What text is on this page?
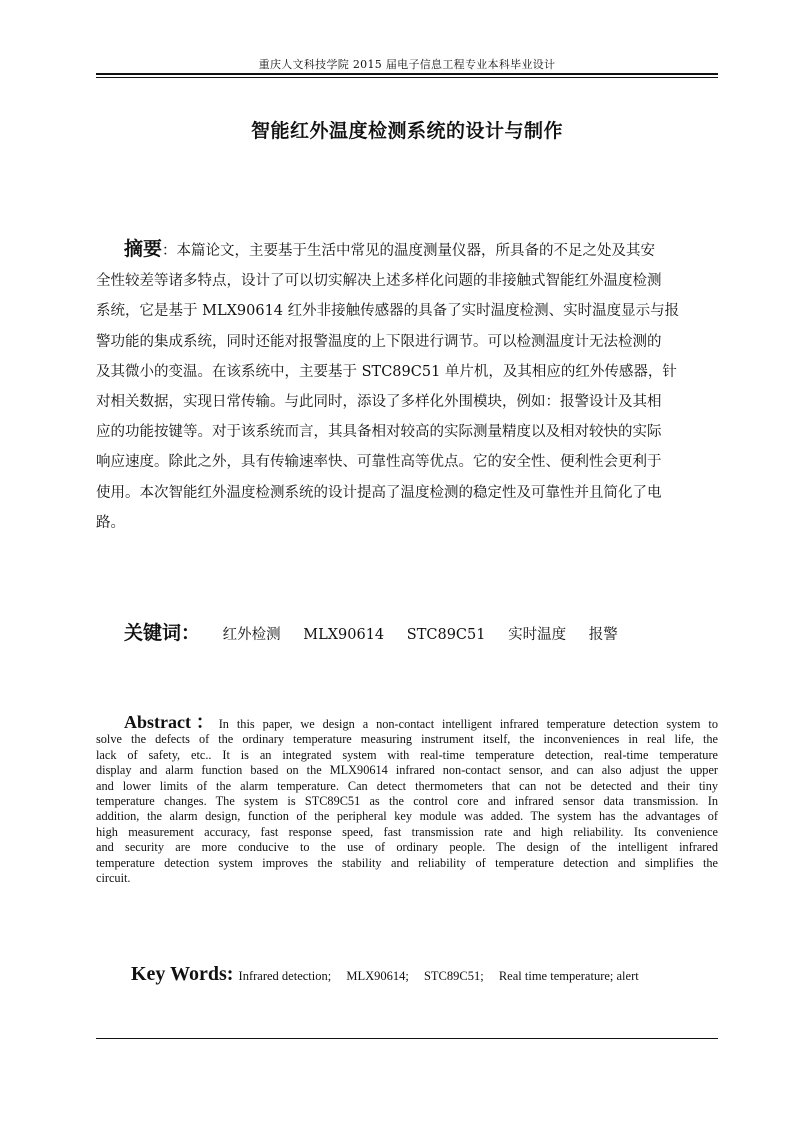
重庆人文科技学院 2015 届电子信息工程专业本科毕业设计
智能红外温度检测系统的设计与制作
摘要：本篇论文，主要基于生活中常见的温度测量仪器，所具备的不足之处及其安
全性较差等诸多特点，设计了可以切实解决上述多样化问题的非接触式智能红外温度检测
系统，它是基于 MLX90614 红外非接触传感器的具备了实时温度检测、实时温度显示与报
警功能的集成系统，同时还能对报警温度的上下限进行调节。可以检测温度计无法检测的
及其微小的变温。在该系统中，主要基于 STC89C51 单片机，及其相应的红外传感器，针
对相关数据，实现日常传输。与此同时，添设了多样化外围模块，例如：报警设计及其相
应的功能按键等。对于该系统而言，其具备相对较高的实际测量精度以及相对较快的实际
响应速度。除此之外，具有传输速率快、可靠性高等优点。它的安全性、便利性会更利于
使用。本次智能红外温度检测系统的设计提高了温度检测的稳定性及可靠性并且简化了电
路。
关键词： 红外检测 MLX90614 STC89C51 实时温度 报警
Abstract：In this paper, we design a non-contact intelligent infrared temperature detection system to
solve the defects of the ordinary temperature measuring instrument itself, the inconveniences in real life, the
lack of safety, etc.. It is an integrated system with real-time temperature detection, real-time temperature
display and alarm function based on the MLX90614 infrared non-contact sensor, and can also adjust the upper
and lower limits of the alarm temperature. Can detect thermometers that can not be detected and their tiny
temperature changes. The system is STC89C51 as the control core and infrared sensor data transmission. In
addition, the alarm design, function of the peripheral key module was added. The system has the advantages of
high measurement accuracy, fast response speed, fast transmission rate and high reliability. Its convenience
and security are more conducive to the use of ordinary people. The design of the intelligent infrared
temperature detection system improves the stability and reliability of temperature detection and simplifies the
circuit.
Key Words: Infrared detection; MLX90614; STC89C51; Real time temperature; alert
